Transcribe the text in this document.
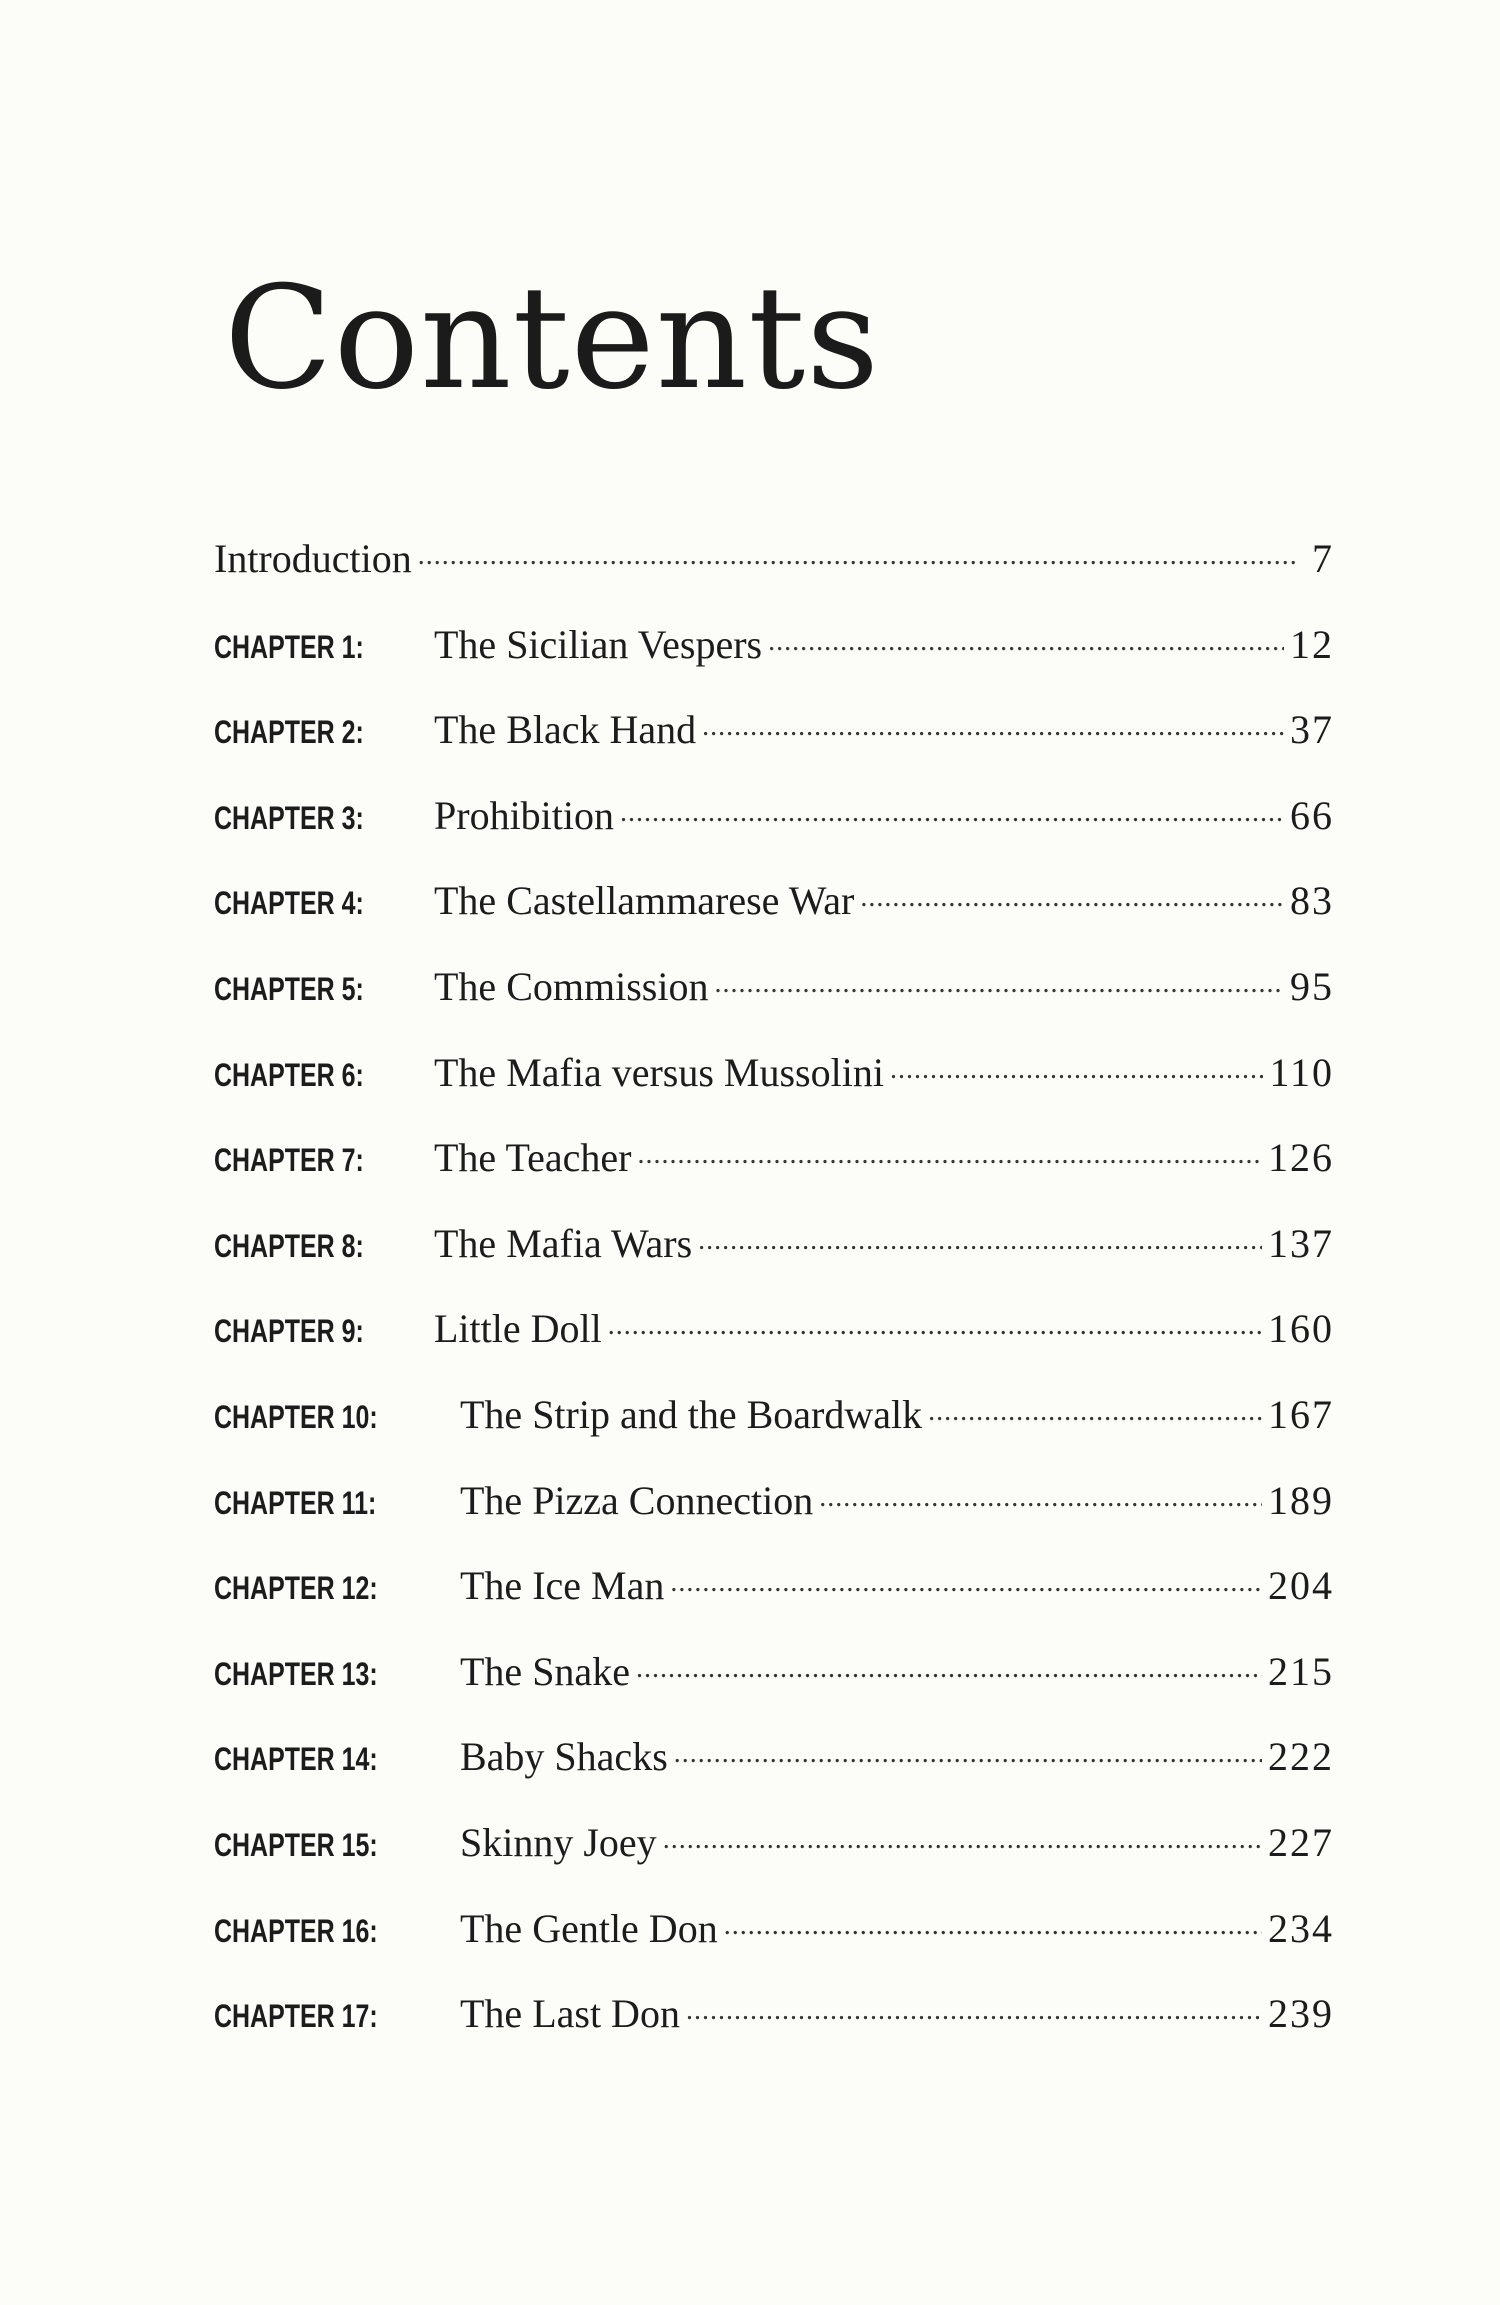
Contents
Introduction . . .	7
CHAPTER 1:	The Sicilian Vespers . . .	12
CHAPTER 2:	The Black Hand . . .	37
CHAPTER 3:	Prohibition . . .	66
CHAPTER 4:	The Castellammarese War . . .	83
CHAPTER 5:	The Commission . . .	95
CHAPTER 6:	The Mafia versus Mussolini . . .	110
CHAPTER 7:	The Teacher . . .	126
CHAPTER 8:	The Mafia Wars . . .	137
CHAPTER 9:	Little Doll . . .	160
CHAPTER 10:	The Strip and the Boardwalk . . .	167
CHAPTER 11:	The Pizza Connection . . .	189
CHAPTER 12:	The Ice Man . . .	204
CHAPTER 13:	The Snake . . .	215
CHAPTER 14:	Baby Shacks . . .	222
CHAPTER 15:	Skinny Joey . . .	227
CHAPTER 16:	The Gentle Don . . .	234
CHAPTER 17:	The Last Don . . .	239
